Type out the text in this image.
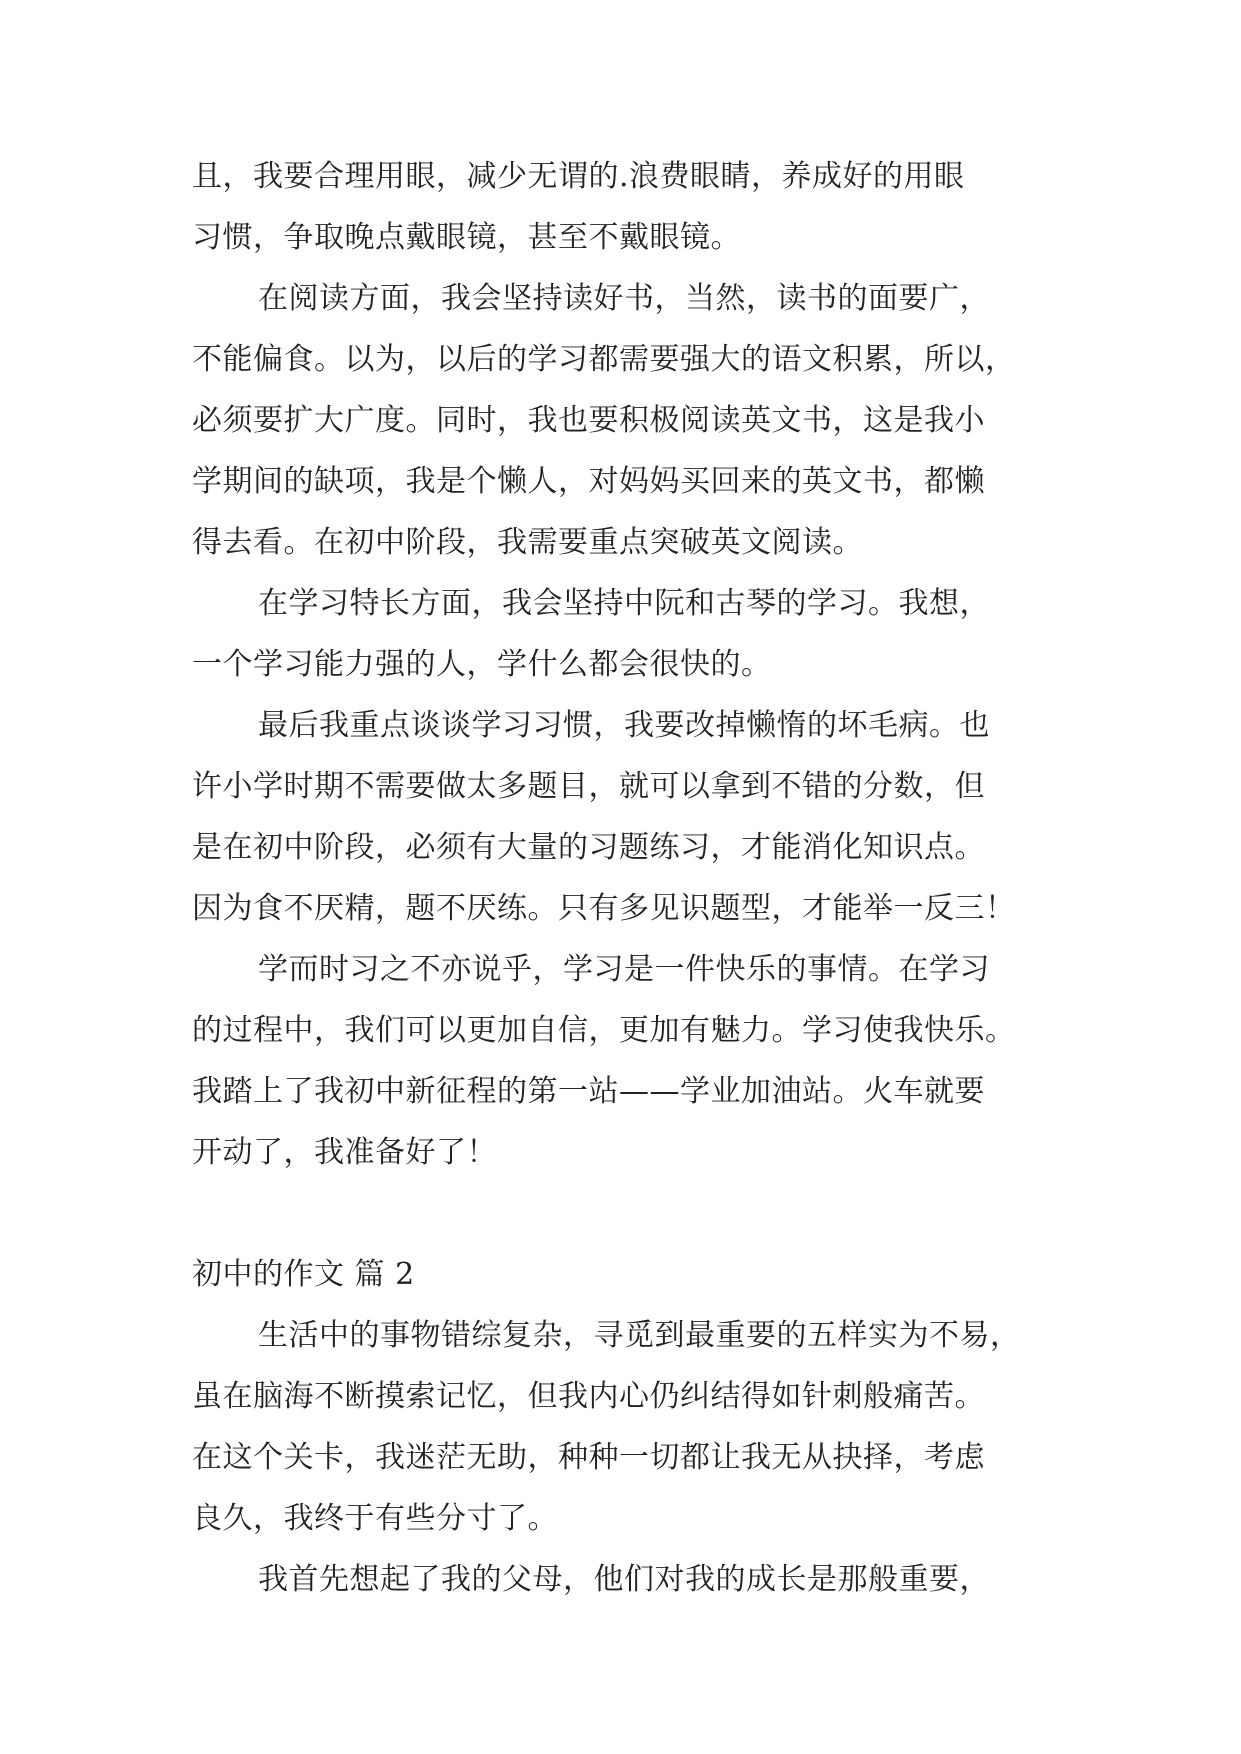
且，我要合理用眼，减少无谓的.浪费眼睛，养成好的用眼
习惯，争取晚点戴眼镜，甚至不戴眼镜。
在阅读方面，我会坚持读好书，当然，读书的面要广，
不能偏食。以为，以后的学习都需要强大的语文积累，所以，
必须要扩大广度。同时，我也要积极阅读英文书，这是我小
学期间的缺项，我是个懒人，对妈妈买回来的英文书，都懒
得去看。在初中阶段，我需要重点突破英文阅读。
在学习特长方面，我会坚持中阮和古琴的学习。我想，
一个学习能力强的人，学什么都会很快的。
最后我重点谈谈学习习惯，我要改掉懒惰的坏毛病。也
许小学时期不需要做太多题目，就可以拿到不错的分数，但
是在初中阶段，必须有大量的习题练习，才能消化知识点。
因为食不厌精，题不厌练。只有多见识题型，才能举一反三！
学而时习之不亦说乎，学习是一件快乐的事情。在学习
的过程中，我们可以更加自信，更加有魅力。学习使我快乐。
我踏上了我初中新征程的第一站——学业加油站。火车就要
开动了，我准备好了！
初中的作文 篇 2
生活中的事物错综复杂，寻觅到最重要的五样实为不易，
虽在脑海不断摸索记忆，但我内心仍纠结得如针刺般痛苦。
在这个关卡，我迷茫无助，种种一切都让我无从抉择，考虑
良久，我终于有些分寸了。
我首先想起了我的父母，他们对我的成长是那般重要，
